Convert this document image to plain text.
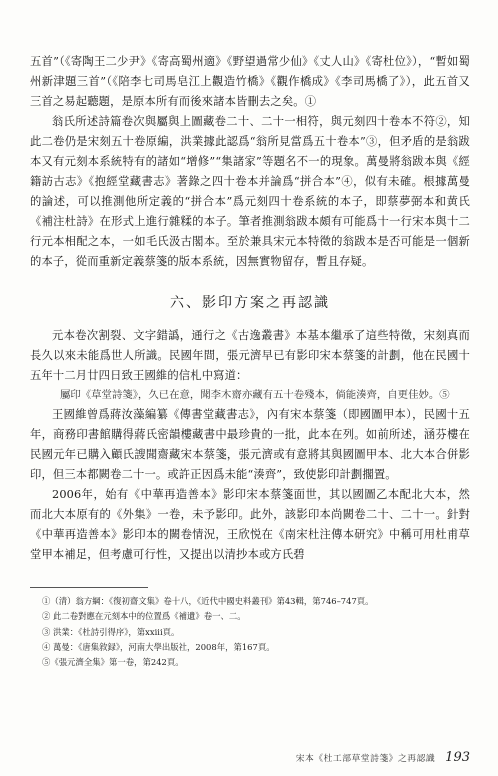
五首”（《寄陶王二少尹》《寄高蜀州適》《野望過常少仙》《丈人山》《寄杜位》），“暫如蜀州新津題三首”（《陪李七司馬皂江上觀造竹橋》《觀作橋成》《李司馬橋了》），此五首又三首之易起聽題，是原本所有而後來諸本皆刪去之矣。①

翁氏所述詩篇卷次與屬與上圖藏卷二十、二十一相符，與元刻四十卷本不符②，知此二卷仍是宋刻五十卷原編，洪業據此認爲“翁所見當爲五十卷本”③，但矛盾的是翁跋本又有元刻本系統特有的諸如“增修”“集諸家”等題名不一的現象。萬曼將翁跋本與《經籍訪古志》《抱經堂藏書志》著錄之四十卷本并論爲“拼合本”④，似有未確。根據萬曼的論述，可以推測他所定義的“拼合本”爲元刻四十卷系統的本子，即蔡夢弼本和黄氏《補注杜詩》在形式上進行雜糅的本子。筆者推測翁跋本頗有可能爲十一行宋本與十二行元本相配之本，一如毛氏汲古閣本。至於兼具宋元本特徵的翁跋本是否可能是一個新的本子，從而重新定義蔡箋的版本系統，因無實物留存，暫且存疑。

六、影印方案之再認識

元本卷次割裂、文字錯譌，通行之《古逸叢書》本基本繼承了這些特徵，宋刻真而長久以來未能爲世人所識。民國年間，張元濟早已有影印宋本蔡箋的計劃，他在民國十五年十二月廿四日致王國維的信札中寫道：

屬印《草堂詩箋》，久已在意，聞李木齋亦藏有五十卷殘本，倘能湊齊，自更佳妙。⑤

王國維曾爲蔣汝藻編纂《傳書堂藏書志》，內有宋本蔡箋（即國圖甲本），民國十五年，商務印書館購得蔣氏密韻樓藏書中最珍貴的一批，此本在列。如前所述，涵芬樓在民國元年已購入顧氏謏聞齋藏宋本蔡箋，張元濟或有意將其與國圖甲本、北大本合併影印，但三本都闕卷二十一。或許正因爲未能“湊齊”，致使影印計劃擱置。

2006年，始有《中華再造善本》影印宋本蔡箋面世，其以國圖乙本配北大本，然而北大本原有的《外集》一卷，未予影印。此外，該影印本尚闕卷二十、二十一。針對《中華再造善本》影印本的闕卷情況，王欣悦在《南宋杜注傳本研究》中稱可用杜甫草堂甲本補足，但考慮可行性，又提出以清抄本或方氏碧

①（清）翁方綱：《復初齋文集》卷十八，《近代中國史料叢刊》第43輯，第746–747頁。

② 此二卷對應在元刻本中的位置爲《補遺》卷一、二。

③ 洪業：《杜詩引得序》，第xxiii頁。

④ 萬曼：《唐集敘録》，河南大學出版社，2008年，第167頁。

⑤《張元濟全集》第一卷，第242頁。

宋本《杜工部草堂詩箋》之再認識 193
